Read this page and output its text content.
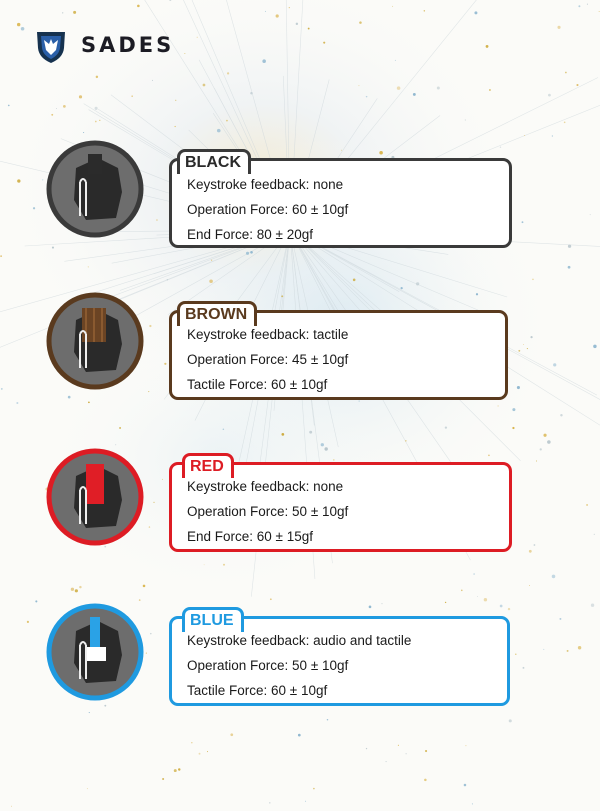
SADES
BLACK
Keystroke feedback: none
Operation Force: 60 ± 10gf
End Force: 80 ± 20gf
BROWN
Keystroke feedback: tactile
Operation Force: 45 ± 10gf
Tactile Force: 60 ± 10gf
RED
Keystroke feedback: none
Operation Force: 50 ± 10gf
End Force: 60 ± 15gf
BLUE
Keystroke feedback: audio and tactile
Operation Force: 50 ± 10gf
Tactile Force: 60 ± 10gf
